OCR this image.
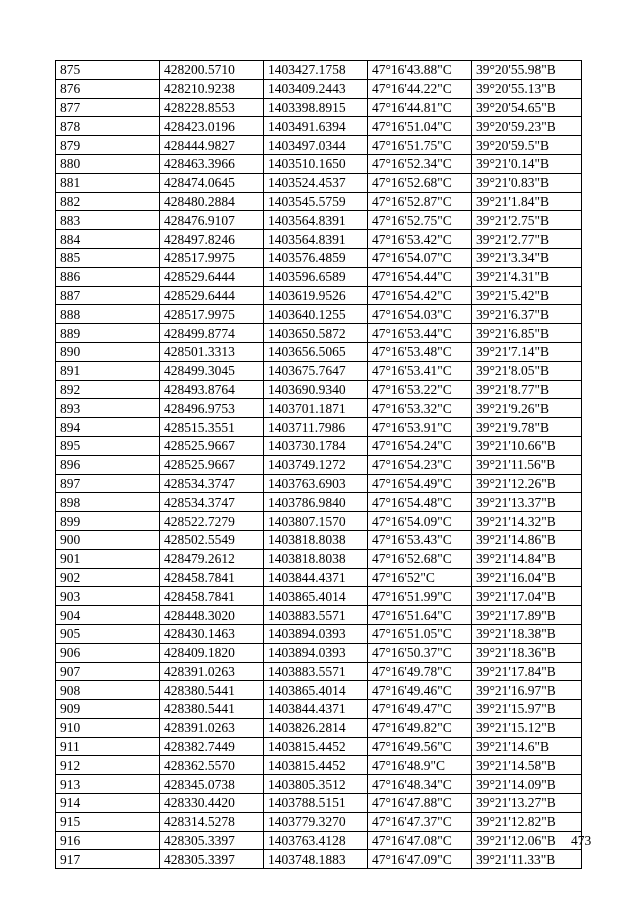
875	428200.5710	1403427.1758	47°16'43.88"С	39°20'55.98"В
876	428210.9238	1403409.2443	47°16'44.22"С	39°20'55.13"В
877	428228.8553	1403398.8915	47°16'44.81"С	39°20'54.65"В
878	428423.0196	1403491.6394	47°16'51.04"С	39°20'59.23"В
879	428444.9827	1403497.0344	47°16'51.75"С	39°20'59.5"В
880	428463.3966	1403510.1650	47°16'52.34"С	39°21'0.14"В
881	428474.0645	1403524.4537	47°16'52.68"С	39°21'0.83"В
882	428480.2884	1403545.5759	47°16'52.87"С	39°21'1.84"В
883	428476.9107	1403564.8391	47°16'52.75"С	39°21'2.75"В
884	428497.8246	1403564.8391	47°16'53.42"С	39°21'2.77"В
885	428517.9975	1403576.4859	47°16'54.07"С	39°21'3.34"В
886	428529.6444	1403596.6589	47°16'54.44"С	39°21'4.31"В
887	428529.6444	1403619.9526	47°16'54.42"С	39°21'5.42"В
888	428517.9975	1403640.1255	47°16'54.03"С	39°21'6.37"В
889	428499.8774	1403650.5872	47°16'53.44"С	39°21'6.85"В
890	428501.3313	1403656.5065	47°16'53.48"С	39°21'7.14"В
891	428499.3045	1403675.7647	47°16'53.41"С	39°21'8.05"В
892	428493.8764	1403690.9340	47°16'53.22"С	39°21'8.77"В
893	428496.9753	1403701.1871	47°16'53.32"С	39°21'9.26"В
894	428515.3551	1403711.7986	47°16'53.91"С	39°21'9.78"В
895	428525.9667	1403730.1784	47°16'54.24"С	39°21'10.66"В
896	428525.9667	1403749.1272	47°16'54.23"С	39°21'11.56"В
897	428534.3747	1403763.6903	47°16'54.49"С	39°21'12.26"В
898	428534.3747	1403786.9840	47°16'54.48"С	39°21'13.37"В
899	428522.7279	1403807.1570	47°16'54.09"С	39°21'14.32"В
900	428502.5549	1403818.8038	47°16'53.43"С	39°21'14.86"В
901	428479.2612	1403818.8038	47°16'52.68"С	39°21'14.84"В
902	428458.7841	1403844.4371	47°16'52"С	39°21'16.04"В
903	428458.7841	1403865.4014	47°16'51.99"С	39°21'17.04"В
904	428448.3020	1403883.5571	47°16'51.64"С	39°21'17.89"В
905	428430.1463	1403894.0393	47°16'51.05"С	39°21'18.38"В
906	428409.1820	1403894.0393	47°16'50.37"С	39°21'18.36"В
907	428391.0263	1403883.5571	47°16'49.78"С	39°21'17.84"В
908	428380.5441	1403865.4014	47°16'49.46"С	39°21'16.97"В
909	428380.5441	1403844.4371	47°16'49.47"С	39°21'15.97"В
910	428391.0263	1403826.2814	47°16'49.82"С	39°21'15.12"В
911	428382.7449	1403815.4452	47°16'49.56"С	39°21'14.6"В
912	428362.5570	1403815.4452	47°16'48.9"С	39°21'14.58"В
913	428345.0738	1403805.3512	47°16'48.34"С	39°21'14.09"В
914	428330.4420	1403788.5151	47°16'47.88"С	39°21'13.27"В
915	428314.5278	1403779.3270	47°16'47.37"С	39°21'12.82"В
916	428305.3397	1403763.4128	47°16'47.08"С	39°21'12.06"В
917	428305.3397	1403748.1883	47°16'47.09"С	39°21'11.33"В
473
